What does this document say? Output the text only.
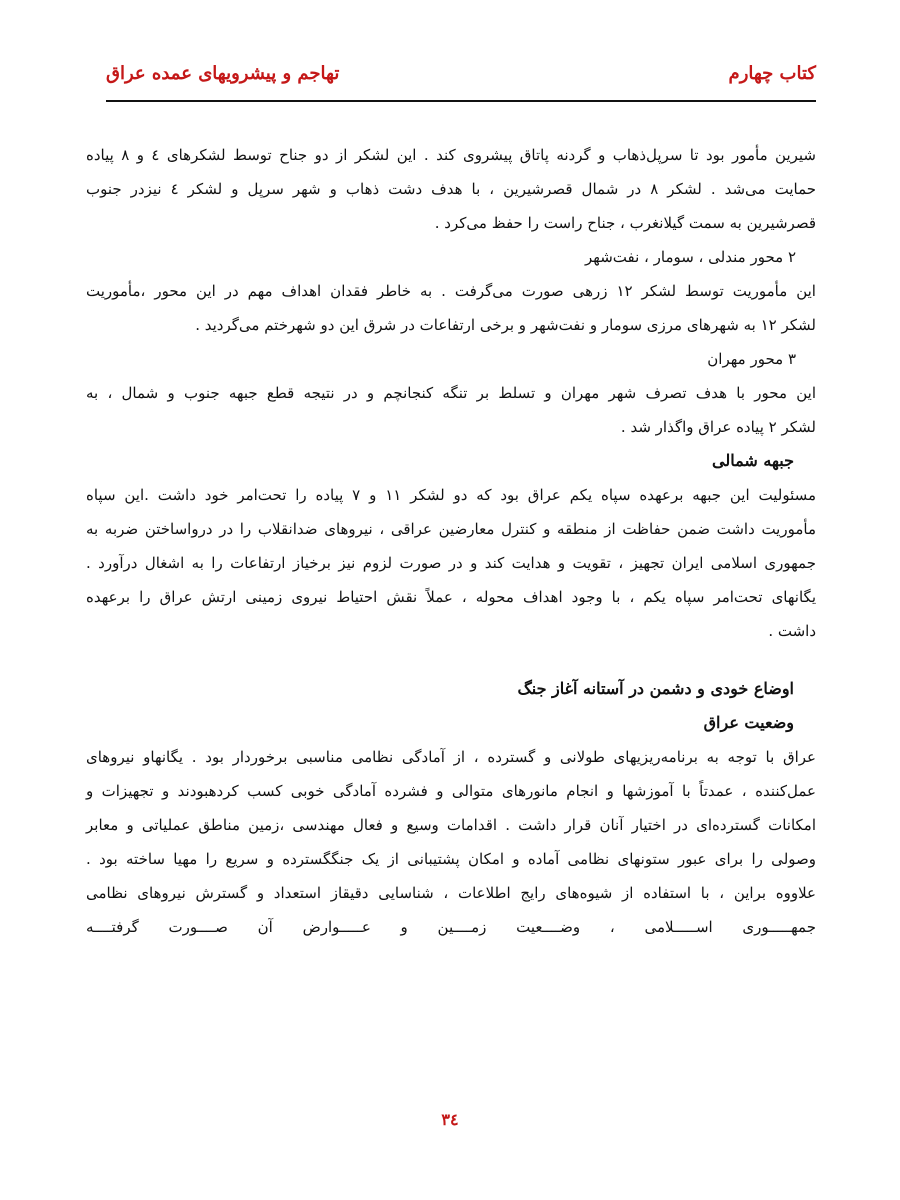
کتاب چهارم
تهاجم و پیشرویهای عمده عراق

شیرین مأمور بود تا سرپل‌ذهاب و گردنه پاتاق پیشروی کند . این لشکر از دو جناح توسط لشکرهای ٤ و ٨ پیاده
حمایت می‌شد . لشکر ٨ در شمال قصرشیرین ، با هدف دشت ذهاب و شهر سرپل و لشکر ٤ نیزدر جنوب
قصرشیرین به سمت گیلانغرب ، جناح راست را حفظ می‌کرد .

٢ محور مندلی ، سومار ، نفت‌شهر

این مأموریت توسط لشکر ١٢ زرهی صورت می‌گرفت . به خاطر فقدان اهداف مهم در این محور ،مأموریت
لشکر ١٢ به شهرهای مرزی سومار و نفت‌شهر و برخی ارتفاعات در شرق این دو شهرختم می‌گردید .

٣ محور مهران

این محور با هدف تصرف شهر مهران و تسلط بر تنگه کنجانچم و در نتیجه قطع جبهه جنوب و شمال ، به
لشکر ٢ پیاده عراق واگذار شد .

جبهه شمالی

مسئولیت این جبهه برعهده سپاه یکم عراق بود که دو لشکر ١١ و ٧ پیاده را تحت‌امر خود داشت .این سپاه
مأموریت داشت ضمن حفاظت از منطقه و کنترل معارضین عراقی ، نیروهای ضدانقلاب را در درواساختن ضربه به
جمهوری اسلامی ایران تجهیز ، تقویت و هدایت کند و در صورت لزوم نیز برخیاز ارتفاعات را به اشغال درآورد .
یگانهای تحت‌امر سپاه یکم ، با وجود اهداف محوله ، عملاً نقش احتیاط نیروی زمینی ارتش عراق را برعهده
داشت .

اوضاع خودی و دشمن در آستانه آغاز جنگ

وضعیت عراق

عراق با توجه به برنامه‌ریزیهای طولانی و گسترده ، از آمادگی نظامی مناسبی برخوردار بود . یگانهاو نیروهای
عمل‌کننده ، عمدتاً با آموزشها و انجام مانورهای متوالی و فشرده آمادگی خوبی کسب کردهبودند و تجهیزات و
امکانات گسترده‌ای در اختیار آنان قرار داشت . اقدامات وسیع و فعال مهندسی ،زمین مناطق عملیاتی و معابر
وصولی را برای عبور ستونهای نظامی آماده و امکان پشتیبانی از یک جنگگسترده و سریع را مهیا ساخته بود .
علاووه براین ، با استفاده از شیوه‌های رایج اطلاعات ، شناسایی دقیقاز استعداد و گسترش نیروهای نظامی
جمهـــــوری اســـــلامی ، وضــــعیت زمــــین و عـــــوارض آن صــــورت گرفتــــه

٣٤
